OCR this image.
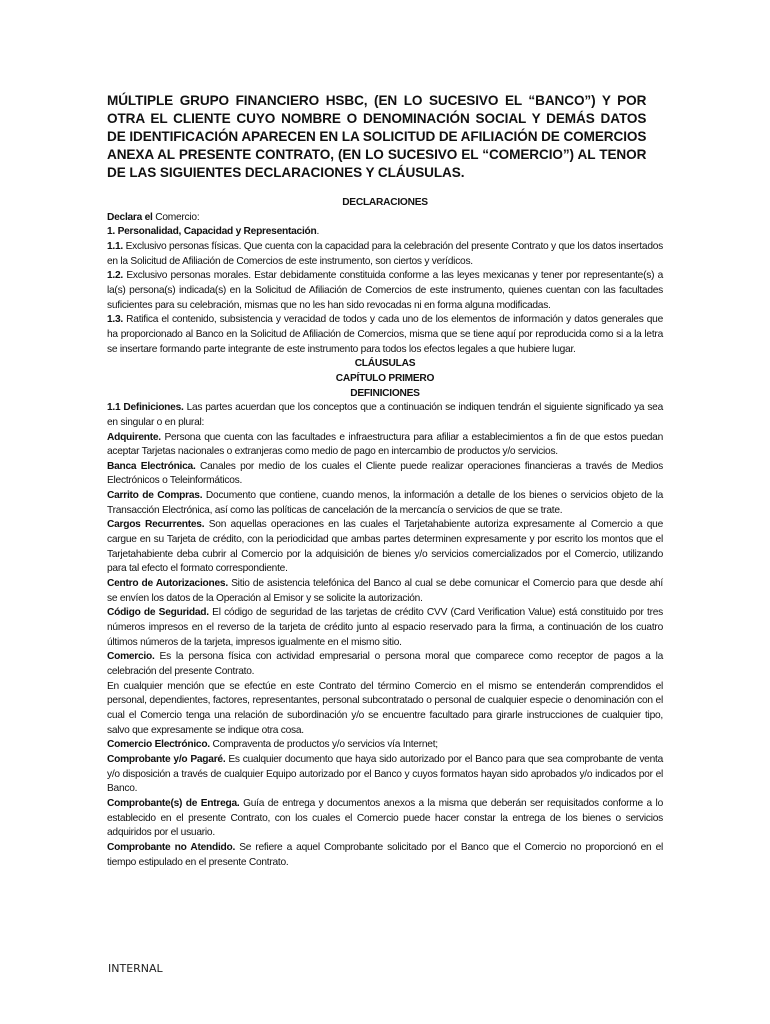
MÚLTIPLE GRUPO FINANCIERO HSBC, (EN LO SUCESIVO EL “BANCO”) Y POR OTRA EL CLIENTE CUYO NOMBRE O DENOMINACIÓN SOCIAL Y DEMÁS DATOS DE IDENTIFICACIÓN APARECEN EN LA SOLICITUD DE AFILIACIÓN DE COMERCIOS ANEXA AL PRESENTE CONTRATO, (EN LO SUCESIVO EL “COMERCIO”) AL TENOR DE LAS SIGUIENTES DECLARACIONES Y CLÁUSULAS.

DECLARACIONES

Declara el Comercio:

1. Personalidad, Capacidad y Representación.

1.1. Exclusivo personas físicas. Que cuenta con la capacidad para la celebración del presente Contrato y que los datos insertados en la Solicitud de Afiliación de Comercios de este instrumento, son ciertos y verídicos.

1.2. Exclusivo personas morales. Estar debidamente constituida conforme a las leyes mexicanas y tener por representante(s) a la(s) persona(s) indicada(s) en la Solicitud de Afiliación de Comercios de este instrumento, quienes cuentan con las facultades suficientes para su celebración, mismas que no les han sido revocadas ni en forma alguna modificadas.

1.3. Ratifica el contenido, subsistencia y veracidad de todos y cada uno de los elementos de información y datos generales que ha proporcionado al Banco en la Solicitud de Afiliación de Comercios, misma que se tiene aquí por reproducida como si a la letra se insertare formando parte integrante de este instrumento para todos los efectos legales a que hubiere lugar.

CLÁUSULAS

CAPÍTULO PRIMERO

DEFINICIONES

1.1 Definiciones. Las partes acuerdan que los conceptos que a continuación se indiquen tendrán el siguiente significado ya sea en singular o en plural:

Adquirente. Persona que cuenta con las facultades e infraestructura para afiliar a establecimientos a fin de que estos puedan aceptar Tarjetas nacionales o extranjeras como medio de pago en intercambio de productos y/o servicios.

Banca Electrónica. Canales por medio de los cuales el Cliente puede realizar operaciones financieras a través de Medios Electrónicos o Teleinformáticos.

Carrito de Compras. Documento que contiene, cuando menos, la información a detalle de los bienes o servicios objeto de la Transacción Electrónica, así como las políticas de cancelación de la mercancía o servicios de que se trate.

Cargos Recurrentes. Son aquellas operaciones en las cuales el Tarjetahabiente autoriza expresamente al Comercio a que cargue en su Tarjeta de crédito, con la periodicidad que ambas partes determinen expresamente y por escrito los montos que el Tarjetahabiente deba cubrir al Comercio por la adquisición de bienes y/o servicios comercializados por el Comercio, utilizando para tal efecto el formato correspondiente.

Centro de Autorizaciones. Sitio de asistencia telefónica del Banco al cual se debe comunicar el Comercio para que desde ahí se envíen los datos de la Operación al Emisor y se solicite la autorización.

Código de Seguridad. El código de seguridad de las tarjetas de crédito CVV (Card Verification Value) está constituido por tres números impresos en el reverso de la tarjeta de crédito junto al espacio reservado para la firma, a continuación de los cuatro últimos números de la tarjeta, impresos igualmente en el mismo sitio.

Comercio. Es la persona física con actividad empresarial o persona moral que comparece como receptor de pagos a la celebración del presente Contrato.

En cualquier mención que se efectúe en este Contrato del término Comercio en el mismo se entenderán comprendidos el personal, dependientes, factores, representantes, personal subcontratado o personal de cualquier especie o denominación con el cual el Comercio tenga una relación de subordinación y/o se encuentre facultado para girarle instrucciones de cualquier tipo, salvo que expresamente se indique otra cosa.

Comercio Electrónico. Compraventa de productos y/o servicios vía Internet;

Comprobante y/o Pagaré. Es cualquier documento que haya sido autorizado por el Banco para que sea comprobante de venta y/o disposición a través de cualquier Equipo autorizado por el Banco y cuyos formatos hayan sido aprobados y/o indicados por el Banco.

Comprobante(s) de Entrega. Guía de entrega y documentos anexos a la misma que deberán ser requisitados conforme a lo establecido en el presente Contrato, con los cuales el Comercio puede hacer constar la entrega de los bienes o servicios adquiridos por el usuario.

Comprobante no Atendido. Se refiere a aquel Comprobante solicitado por el Banco que el Comercio no proporcionó en el tiempo estipulado en el presente Contrato.

INTERNAL
